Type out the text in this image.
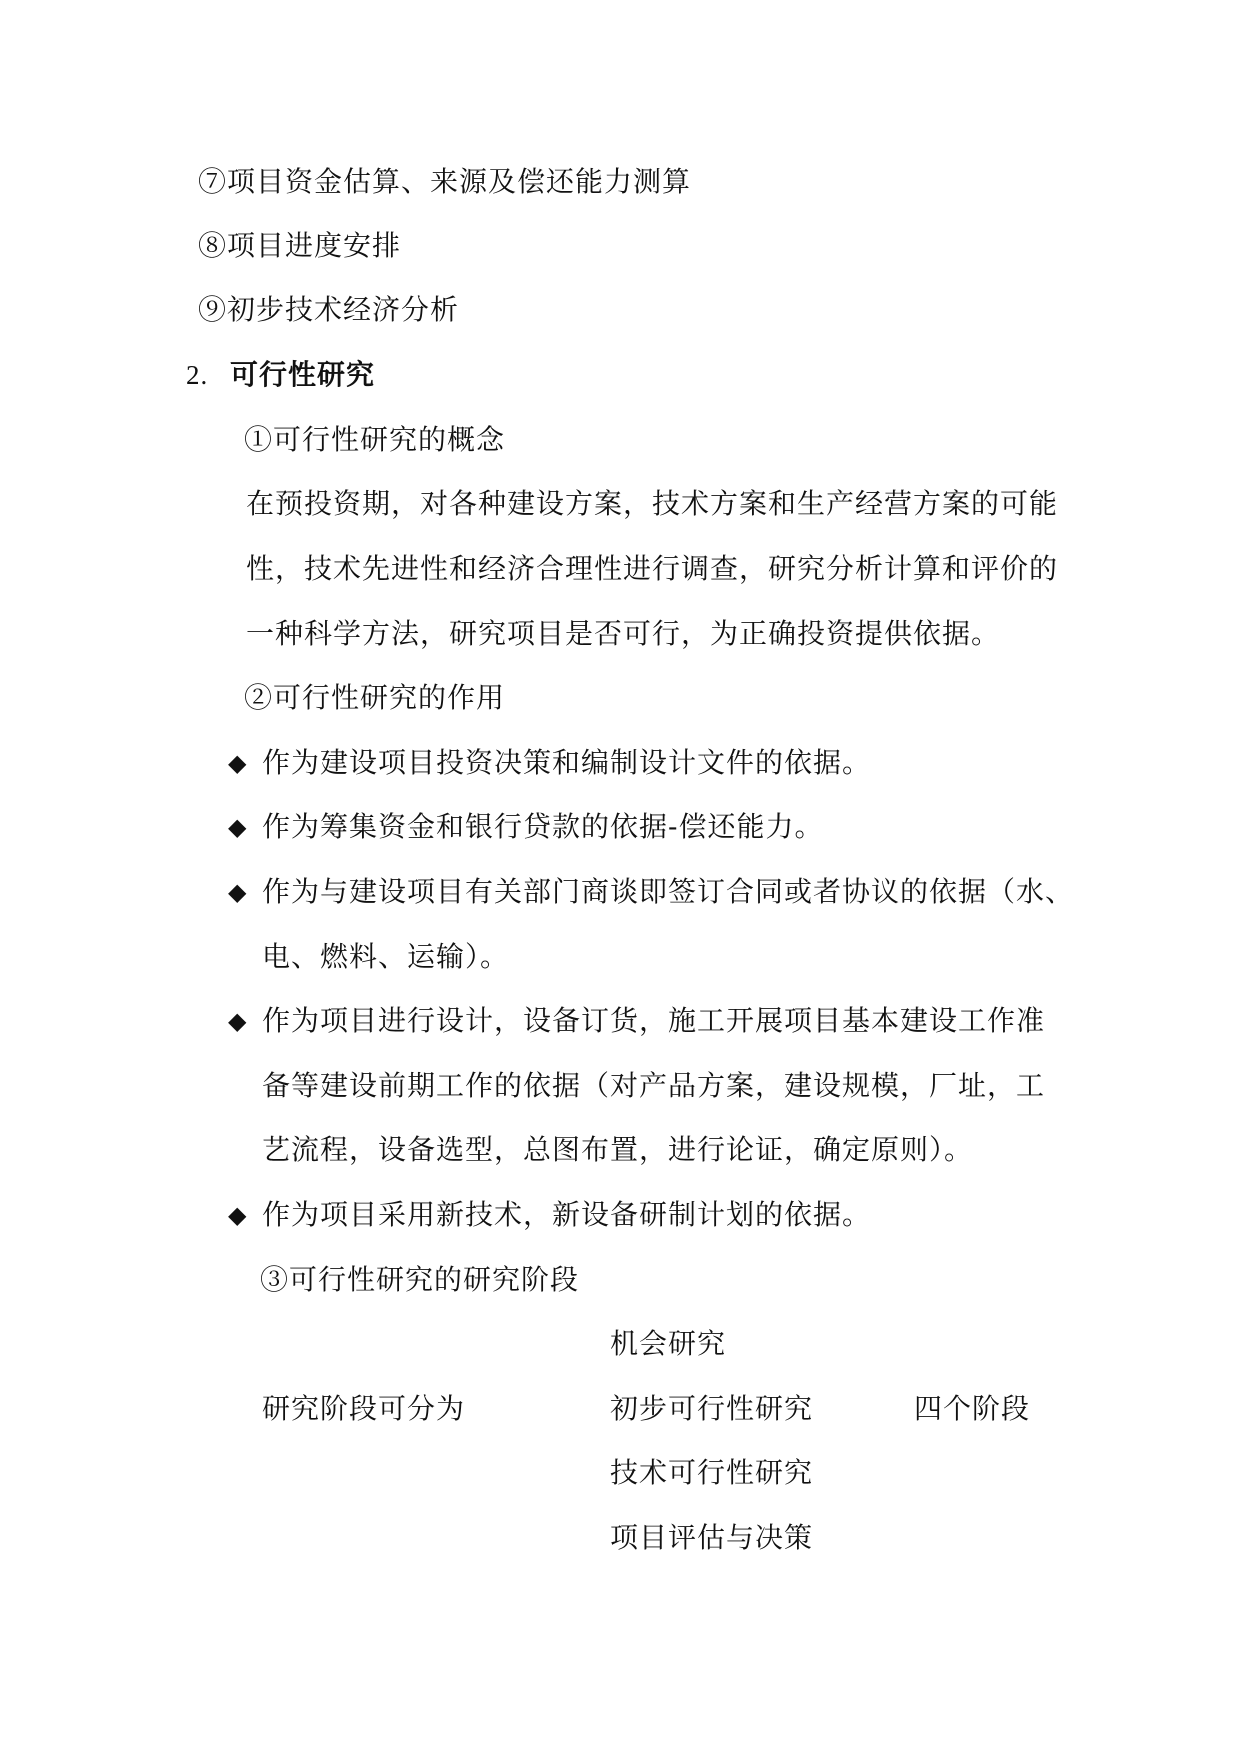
⑦项目资金估算、来源及偿还能力测算
⑧项目进度安排
⑨初步技术经济分析
2. 可行性研究
①可行性研究的概念
在预投资期，对各种建设方案，技术方案和生产经营方案的可能
性，技术先进性和经济合理性进行调查，研究分析计算和评价的
一种科学方法，研究项目是否可行，为正确投资提供依据。
②可行性研究的作用
◆ 作为建设项目投资决策和编制设计文件的依据。
◆ 作为筹集资金和银行贷款的依据-偿还能力。
◆ 作为与建设项目有关部门商谈即签订合同或者协议的依据（水、
电、燃料、运输）。
◆ 作为项目进行设计，设备订货，施工开展项目基本建设工作准
备等建设前期工作的依据（对产品方案，建设规模，厂址，工
艺流程，设备选型，总图布置，进行论证，确定原则）。
◆ 作为项目采用新技术，新设备研制计划的依据。
③可行性研究的研究阶段
机会研究
研究阶段可分为	初步可行性研究	四个阶段
技术可行性研究
项目评估与决策
